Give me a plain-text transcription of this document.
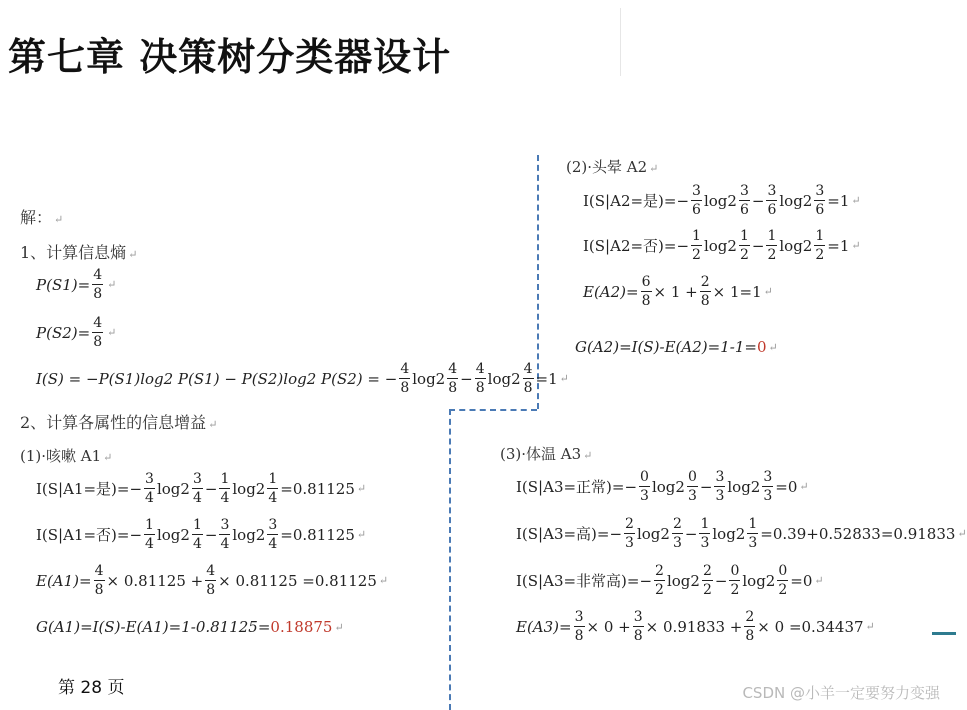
第七章 决策树分类器设计
解： ↵
1、计算信息熵 ↵
$P(S1)= \frac{4}{8}$ ↵
$P(S2)= \frac{4}{8}$ ↵
I(S) = −P(S1)log2 P(S1) − P(S2)log2 P(S2) = − $\frac{4}{8} \log 2 \frac{4}{8} - \frac{4}{8} \log 2 \frac{4}{8} =1$ ↵
2、计算各属性的信息增益 ↵
(1)·咳嗽 A1 ↵
I(S|A1=是)=− $\frac{3}{4} \log 2 \frac{3}{4} - \frac{1}{4} \log 2 \frac{1}{4} =0.81125$ ↵
I(S|A1=否)=− $\frac{1}{4} \log 2 \frac{1}{4} - \frac{3}{4} \log 2 \frac{3}{4} =0.81125$ ↵
$E(A1)= \frac{4}{8} \times 0.81125 + \frac{4}{8} \times 0.81125 =0.81125$ ↵
G(A1)=I(S)-E(A1)=1-0.81125= 0.18875 ↵
(2)·头晕 A2 ↵
I(S|A2=是)=− $\frac{3}{6} \log 2 \frac{3}{6} - \frac{3}{6} \log 2 \frac{3}{6} =1$ ↵
I(S|A2=否)=− $\frac{1}{2} \log 2 \frac{1}{2} - \frac{1}{2} \log 2 \frac{1}{2} =1$ ↵
$E(A2)= \frac{6}{8} \times 1 + \frac{2}{8} \times 1=1$ ↵
G(A2)=I(S)-E(A2)=1-1= 0 ↵
(3)·体温 A3 ↵
I(S|A3=正常)=− $\frac{0}{3} \log 2 \frac{0}{3} - \frac{3}{3} \log 2 \frac{3}{3} =0$ ↵
I(S|A3=高)=− $\frac{2}{3} \log 2 \frac{2}{3} - \frac{1}{3} \log 2 \frac{1}{3} =0.39+0.52833=0.91833$ ↵
I(S|A3=非常高)=− $\frac{2}{2} \log 2 \frac{2}{2} - \frac{0}{2} \log 2 \frac{0}{2} =0$ ↵
$E(A3)= \frac{3}{8} \times 0 + \frac{3}{8} \times 0.91833 + \frac{2}{8} \times 0 =0.34437$ ↵
第 28 页	CSDN @小羊一定要努力变强
